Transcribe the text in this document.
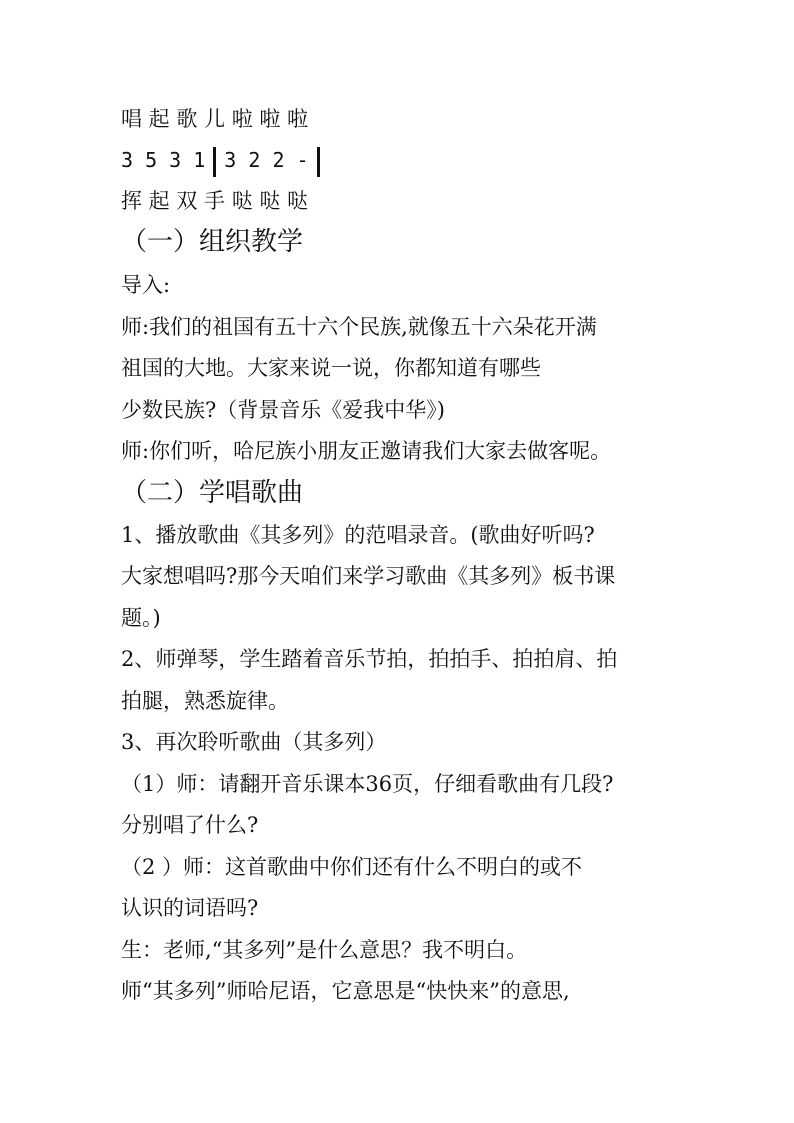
唱 起 歌 儿 啦 啦 啦
3 5 3 1 3 2 2 -
挥 起 双 手 哒 哒 哒
（一）组织教学
导入:
师:我们的祖国有五十六个民族,就像五十六朵花开满
祖国的大地。大家来说一说，你都知道有哪些
少数民族?（背景音乐《爱我中华》)
师:你们听，哈尼族小朋友正邀请我们大家去做客呢。
（二）学唱歌曲
1、播放歌曲《其多列》的范唱录音。(歌曲好听吗?
大家想唱吗?那今天咱们来学习歌曲《其多列》板书课
题。)
2、师弹琴，学生踏着音乐节拍，拍拍手、拍拍肩、拍
拍腿，熟悉旋律。
3、再次聆听歌曲（其多列）
（1）师：请翻开音乐课本36页，仔细看歌曲有几段?
分别唱了什么?
（2 ）师：这首歌曲中你们还有什么不明白的或不
认识的词语吗?
生：老师,“其多列”是什么意思？我不明白。
师“其多列”师哈尼语，它意思是“快快来”的意思,
